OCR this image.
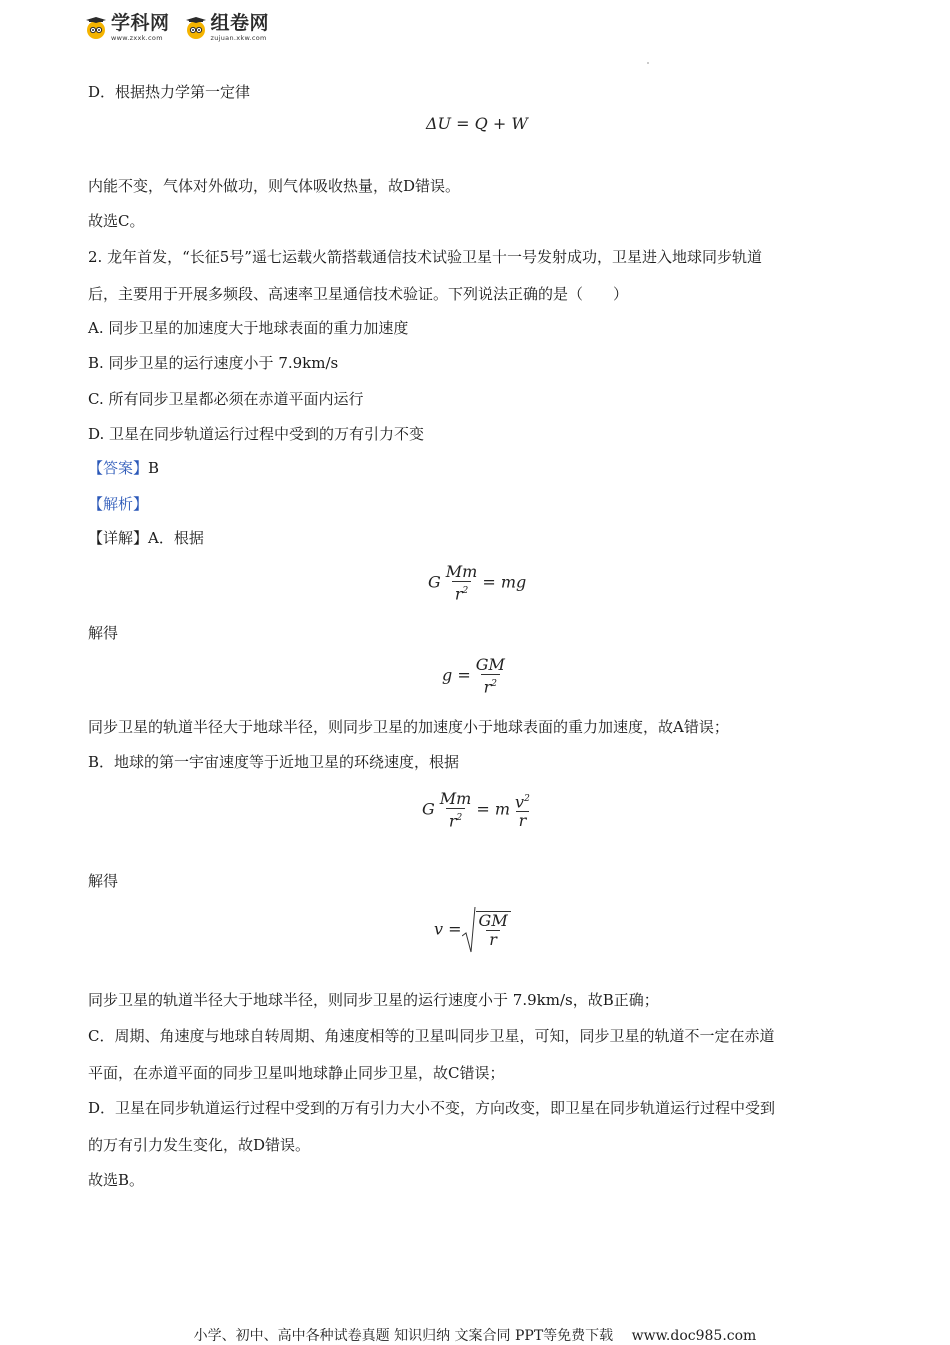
学科网
www.zxxk.com
组卷网
zujuan.xkw.com
D．根据热力学第一定律
ΔU = Q + W
内能不变，气体对外做功，则气体吸收热量，故D错误。
故选C。
2. 龙年首发，“长征5号”遥七运载火箭搭载通信技术试验卫星十一号发射成功，卫星进入地球同步轨道
后，主要用于开展多频段、高速率卫星通信技术验证。下列说法正确的是（　　）
A. 同步卫星的加速度大于地球表面的重力加速度
B. 同步卫星的运行速度小于 7.9km/s
C. 所有同步卫星都必须在赤道平面内运行
D. 卫星在同步轨道运行过程中受到的万有引力不变
【答案】B
【解析】
【详解】A．根据
G $\frac{Mm}{r^2}$ = mg
解得
$g = \frac{GM}{r^2}$
同步卫星的轨道半径大于地球半径，则同步卫星的加速度小于地球表面的重力加速度，故A错误；
B．地球的第一宇宙速度等于近地卫星的环绕速度，根据
G $\frac{Mm}{r^2} = m \frac{v^2}{r}$
解得
$v = \frac{GM}{r}$
同步卫星的轨道半径大于地球半径，则同步卫星的运行速度小于 7.9km/s，故B正确；
C．周期、角速度与地球自转周期、角速度相等的卫星叫同步卫星，可知，同步卫星的轨道不一定在赤道
平面，在赤道平面的同步卫星叫地球静止同步卫星，故C错误；
D．卫星在同步轨道运行过程中受到的万有引力大小不变，方向改变，即卫星在同步轨道运行过程中受到
的万有引力发生变化，故D错误。
故选B。
小学、初中、高中各种试卷真题 知识归纳 文案合同 PPT等免费下载　 www.doc985.com
